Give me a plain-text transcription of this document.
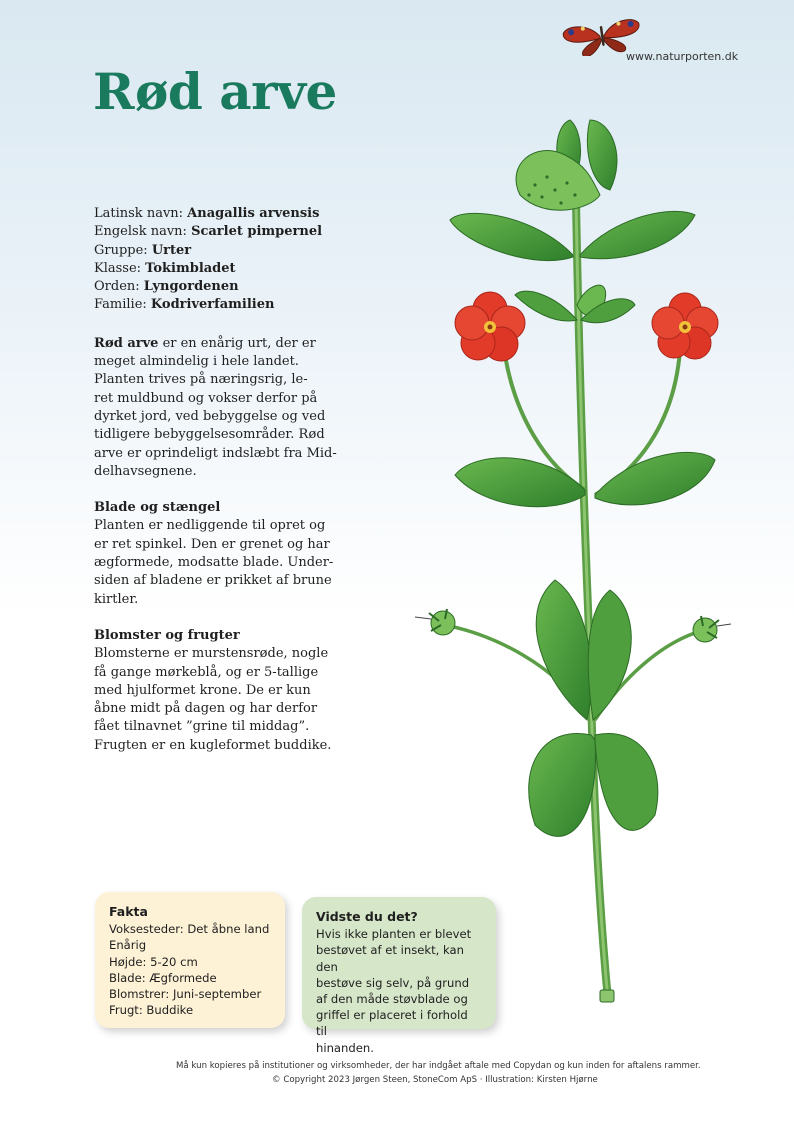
www.naturporten.dk
Rød arve
Latinsk navn: Anagallis arvensis
Engelsk navn: Scarlet pimpernel
Gruppe: Urter
Klasse: Tokimbladet
Orden: Lyngordenen
Familie: Kodriverfamilien
Rød arve er en enårig urt, der er
meget almindelig i hele landet.
Planten trives på næringsrig, le-
ret muldbund og vokser derfor på
dyrket jord, ved bebyggelse og ved
tidligere bebyggelsesområder. Rød
arve er oprindeligt indslæbt fra Mid-
delhavsegnene.
Blade og stængel
Planten er nedliggende til opret og
er ret spinkel. Den er grenet og har
ægformede, modsatte blade. Under-
siden af bladene er prikket af brune
kirtler.
Blomster og frugter
Blomsterne er murstensrøde, nogle
få gange mørkeblå, og er 5-tallige
med hjulformet krone. De er kun
åbne midt på dagen og har derfor
fået tilnavnet ”grine til middag”.
Frugten er en kugleformet buddike.
Fakta
Voksesteder: Det åbne land
Enårig
Højde: 5-20 cm
Blade: Ægformede
Blomstrer: Juni-september
Frugt: Buddike
Vidste du det?
Hvis ikke planten er blevet
bestøvet af et insekt, kan den
bestøve sig selv, på grund
af den måde støvblade og
griffel er placeret i forhold til
hinanden.
Må kun kopieres på institutioner og virksomheder, der har indgået aftale med Copydan og kun inden for aftalens rammer.
© Copyright 2023 Jørgen Steen, StoneCom ApS · Illustration: Kirsten Hjørne
